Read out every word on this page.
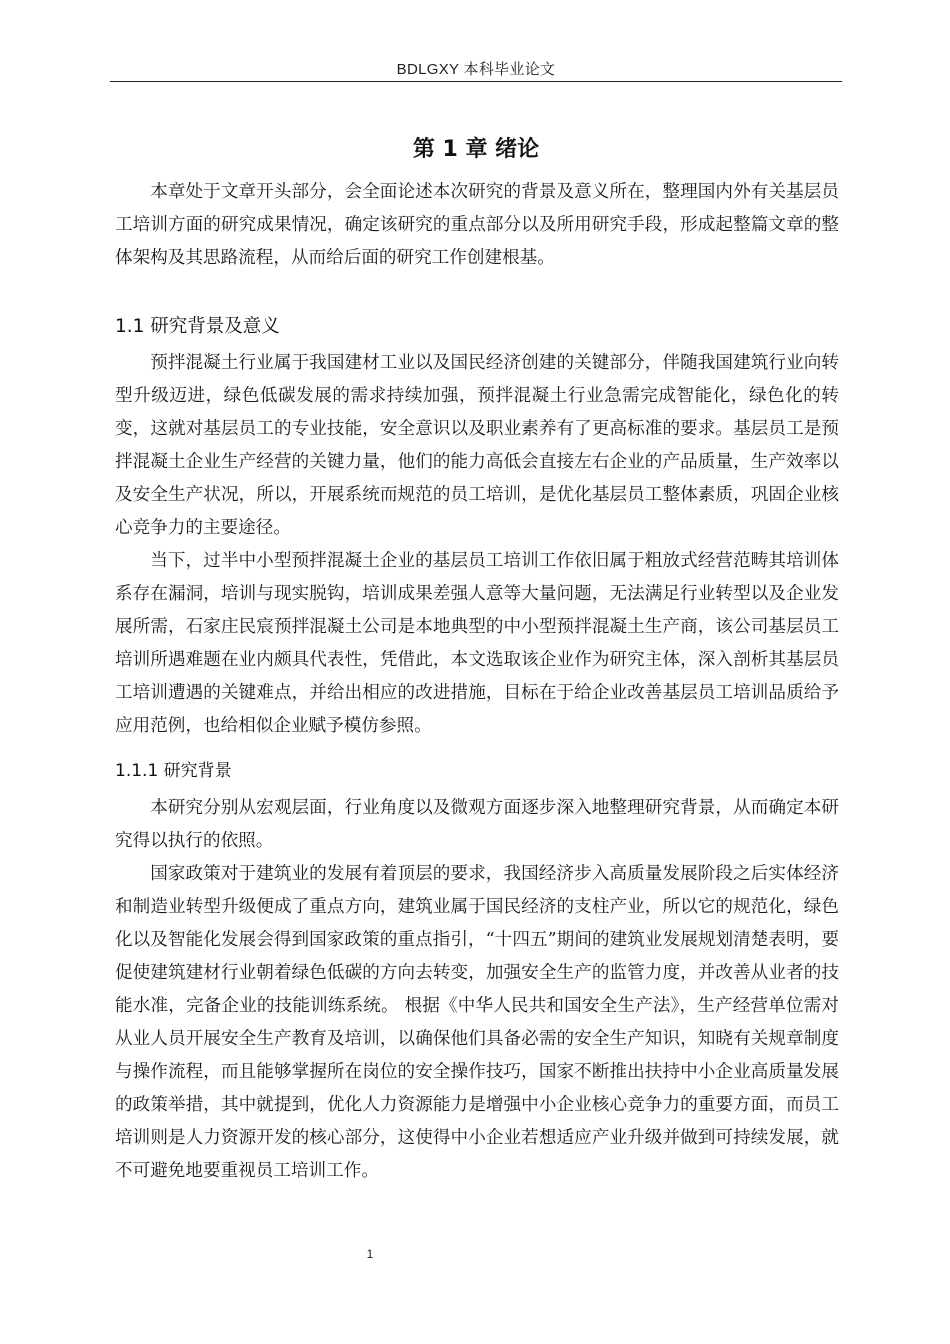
BDLGXY 本科毕业论文
第 1 章 绪论

本章处于文章开头部分，会全面论述本次研究的背景及意义所在，整理国内外有关基层员工培训方面的研究成果情况，确定该研究的重点部分以及所用研究手段，形成起整篇文章的整体架构及其思路流程，从而给后面的研究工作创建根基。

1.1 研究背景及意义

预拌混凝土行业属于我国建材工业以及国民经济创建的关键部分，伴随我国建筑行业向转型升级迈进，绿色低碳发展的需求持续加强，预拌混凝土行业急需完成智能化，绿色化的转变，这就对基层员工的专业技能，安全意识以及职业素养有了更高标准的要求。基层员工是预拌混凝土企业生产经营的关键力量，他们的能力高低会直接左右企业的产品质量，生产效率以及安全生产状况，所以，开展系统而规范的员工培训，是优化基层员工整体素质，巩固企业核心竞争力的主要途径。

当下，过半中小型预拌混凝土企业的基层员工培训工作依旧属于粗放式经营范畴其培训体系存在漏洞，培训与现实脱钩，培训成果差强人意等大量问题，无法满足行业转型以及企业发展所需，石家庄民宸预拌混凝土公司是本地典型的中小型预拌混凝土生产商，该公司基层员工培训所遇难题在业内颇具代表性，凭借此，本文选取该企业作为研究主体，深入剖析其基层员工培训遭遇的关键难点，并给出相应的改进措施，目标在于给企业改善基层员工培训品质给予应用范例，也给相似企业赋予模仿参照。

1.1.1 研究背景

本研究分别从宏观层面，行业角度以及微观方面逐步深入地整理研究背景，从而确定本研究得以执行的依照。

国家政策对于建筑业的发展有着顶层的要求，我国经济步入高质量发展阶段之后实体经济和制造业转型升级便成了重点方向，建筑业属于国民经济的支柱产业，所以它的规范化，绿色化以及智能化发展会得到国家政策的重点指引，“十四五”期间的建筑业发展规划清楚表明，要促使建筑建材行业朝着绿色低碳的方向去转变，加强安全生产的监管力度，并改善从业者的技能水准，完备企业的技能训练系统。 根据《中华人民共和国安全生产法》，生产经营单位需对从业人员开展安全生产教育及培训，以确保他们具备必需的安全生产知识，知晓有关规章制度与操作流程，而且能够掌握所在岗位的安全操作技巧，国家不断推出扶持中小企业高质量发展的政策举措，其中就提到，优化人力资源能力是增强中小企业核心竞争力的重要方面，而员工培训则是人力资源开发的核心部分，这使得中小企业若想适应产业升级并做到可持续发展，就不可避免地要重视员工培训工作。

1
